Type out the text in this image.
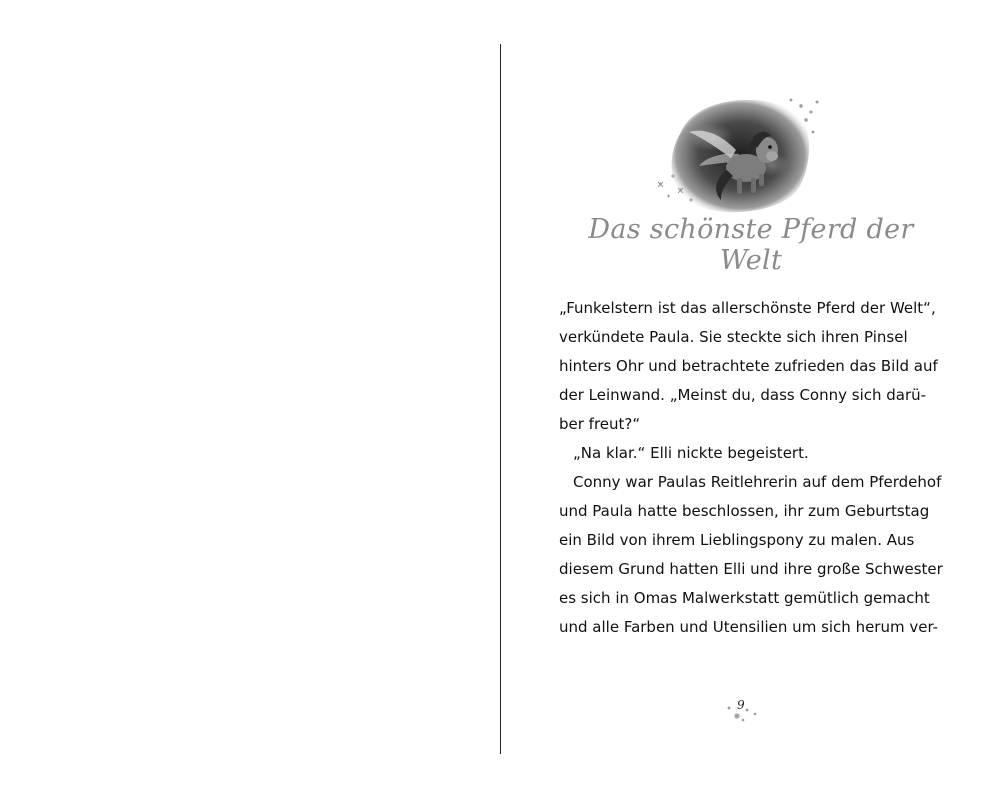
Das schönste Pferd der Welt
„Funkelstern ist das allerschönste Pferd der Welt“,
verkündete Paula. Sie steckte sich ihren Pinsel
hinters Ohr und betrachtete zufrieden das Bild auf
der Leinwand. „Meinst du, dass Conny sich darü-
ber freut?“
„Na klar.“ Elli nickte begeistert.
Conny war Paulas Reitlehrerin auf dem Pferdehof
und Paula hatte beschlossen, ihr zum Geburtstag
ein Bild von ihrem Lieblingspony zu malen. Aus
diesem Grund hatten Elli und ihre große Schwester
es sich in Omas Malwerkstatt gemütlich gemacht
und alle Farben und Utensilien um sich herum ver-
9
